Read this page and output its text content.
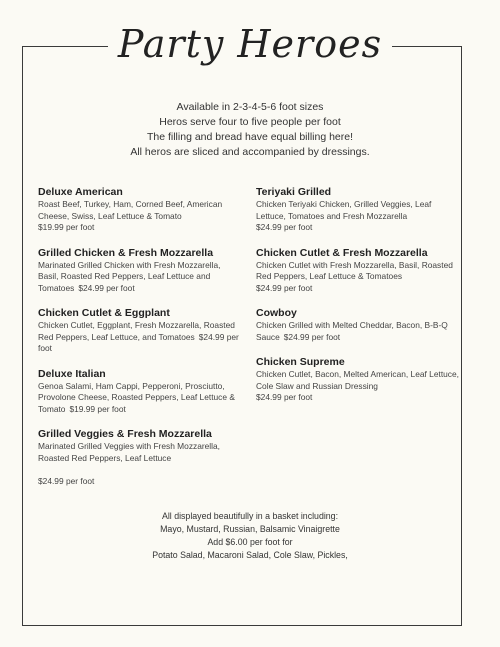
Party Heroes
Available in 2-3-4-5-6 foot sizes
Heros serve four to five people per foot
The filling and bread have equal billing here!
All heros are sliced and accompanied by dressings.
Deluxe American

Roast Beef, Turkey, Ham, Corned Beef, American Cheese, Swiss, Leaf Lettuce & Tomato
$19.99 per foot

Grilled Chicken & Fresh Mozzarella

Marinated Grilled Chicken with Fresh Mozzarella, Basil, Roasted Red Peppers, Leaf Lettuce and Tomatoes $24.99 per foot

Chicken Cutlet & Eggplant

Chicken Cutlet, Eggplant, Fresh Mozzarella, Roasted Red Peppers, Leaf Lettuce, and Tomatoes $24.99 per foot

Deluxe Italian

Genoa Salami, Ham Cappi, Pepperoni, Prosciutto, Provolone Cheese, Roasted Peppers, Leaf Lettuce & Tomato $19.99 per foot

Grilled Veggies & Fresh Mozzarella

Marinated Grilled Veggies with Fresh Mozzarella, Roasted Red Peppers, Leaf Lettuce

$24.99 per foot

Teriyaki Grilled

Chicken Teriyaki Chicken, Grilled Veggies, Leaf Lettuce, Tomatoes and Fresh Mozzarella
$24.99 per foot

Chicken Cutlet & Fresh Mozzarella

Chicken Cutlet with Fresh Mozzarella, Basil, Roasted Red Peppers, Leaf Lettuce & Tomatoes
$24.99 per foot

Cowboy

Chicken Grilled with Melted Cheddar, Bacon, B-B-Q Sauce $24.99 per foot

Chicken Supreme

Chicken Cutlet, Bacon, Melted American, Leaf Lettuce, Cole Slaw and Russian Dressing
$24.99 per foot

All displayed beautifully in a basket including:
Mayo, Mustard, Russian, Balsamic Vinaigrette
Add $6.00 per foot for
Potato Salad, Macaroni Salad, Cole Slaw, Pickles,
